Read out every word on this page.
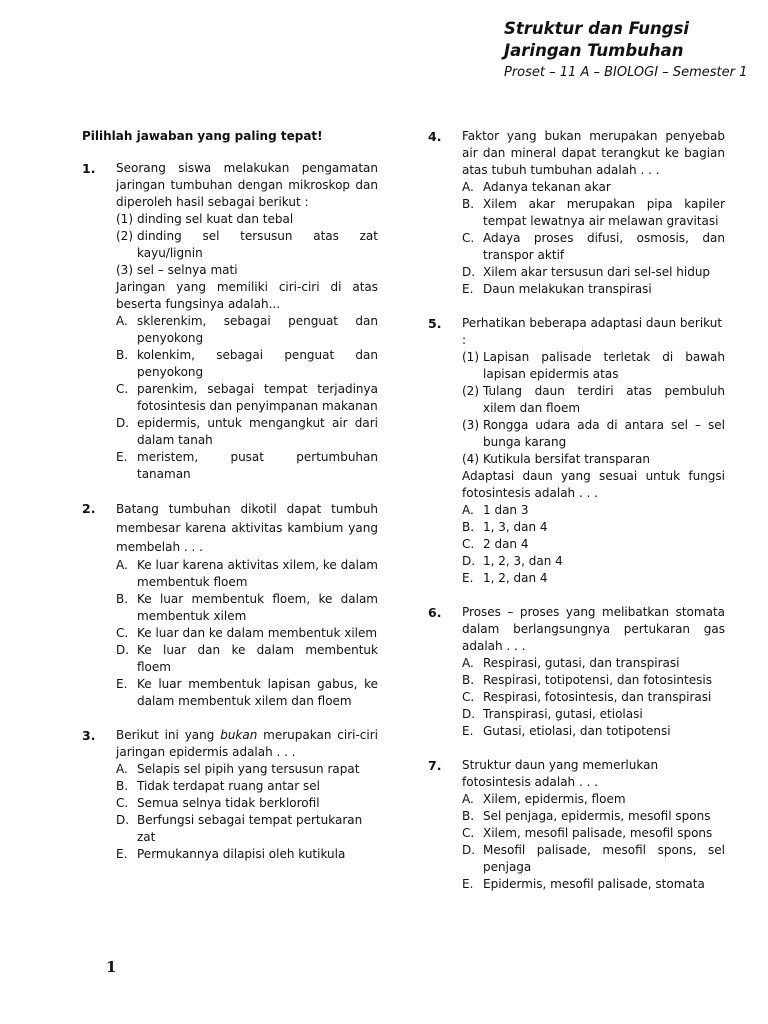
Struktur dan Fungsi
Jaringan Tumbuhan
Proset – 11 A – BIOLOGI – Semester 1
Pilihlah jawaban yang paling tepat!
1. Seorang siswa melakukan pengamatan jaringan tumbuhan dengan mikroskop dan diperoleh hasil sebagai berikut :
(1) dinding sel kuat dan tebal
(2) dinding sel tersusun atas zat kayu/lignin
(3) sel – selnya mati
Jaringan yang memiliki ciri-ciri di atas beserta fungsinya adalah...
A. sklerenkim, sebagai penguat dan penyokong
B. kolenkim, sebagai penguat dan penyokong
C. parenkim, sebagai tempat terjadinya fotosintesis dan penyimpanan makanan
D. epidermis, untuk mengangkut air dari dalam tanah
E. meristem, pusat pertumbuhan tanaman
2. Batang tumbuhan dikotil dapat tumbuh membesar karena aktivitas kambium yang membelah . . .
A. Ke luar karena aktivitas xilem, ke dalam membentuk floem
B. Ke luar membentuk floem, ke dalam membentuk xilem
C. Ke luar dan ke dalam membentuk xilem
D. Ke luar dan ke dalam membentuk floem
E. Ke luar membentuk lapisan gabus, ke dalam membentuk xilem dan floem
3. Berikut ini yang bukan merupakan ciri-ciri jaringan epidermis adalah . . .
A. Selapis sel pipih yang tersusun rapat
B. Tidak terdapat ruang antar sel
C. Semua selnya tidak berklorofil
D. Berfungsi sebagai tempat pertukaran zat
E. Permukannya dilapisi oleh kutikula
4. Faktor yang bukan merupakan penyebab air dan mineral dapat terangkut ke bagian atas tubuh tumbuhan adalah . . .
A. Adanya tekanan akar
B. Xilem akar merupakan pipa kapiler tempat lewatnya air melawan gravitasi
C. Adaya proses difusi, osmosis, dan transpor aktif
D. Xilem akar tersusun dari sel-sel hidup
E. Daun melakukan transpirasi
5. Perhatikan beberapa adaptasi daun berikut :
(1) Lapisan palisade terletak di bawah lapisan epidermis atas
(2) Tulang daun terdiri atas pembuluh xilem dan floem
(3) Rongga udara ada di antara sel – sel bunga karang
(4) Kutikula bersifat transparan
Adaptasi daun yang sesuai untuk fungsi fotosintesis adalah . . .
A. 1 dan 3
B. 1, 3, dan 4
C. 2 dan 4
D. 1, 2, 3, dan 4
E. 1, 2, dan 4
6. Proses – proses yang melibatkan stomata dalam berlangsungnya pertukaran gas adalah . . .
A. Respirasi, gutasi, dan transpirasi
B. Respirasi, totipotensi, dan fotosintesis
C. Respirasi, fotosintesis, dan transpirasi
D. Transpirasi, gutasi, etiolasi
E. Gutasi, etiolasi, dan totipotensi
7. Struktur daun yang memerlukan fotosintesis adalah . . .
A. Xilem, epidermis, floem
B. Sel penjaga, epidermis, mesofil spons
C. Xilem, mesofil palisade, mesofil spons
D. Mesofil palisade, mesofil spons, sel penjaga
E. Epidermis, mesofil palisade, stomata
1
